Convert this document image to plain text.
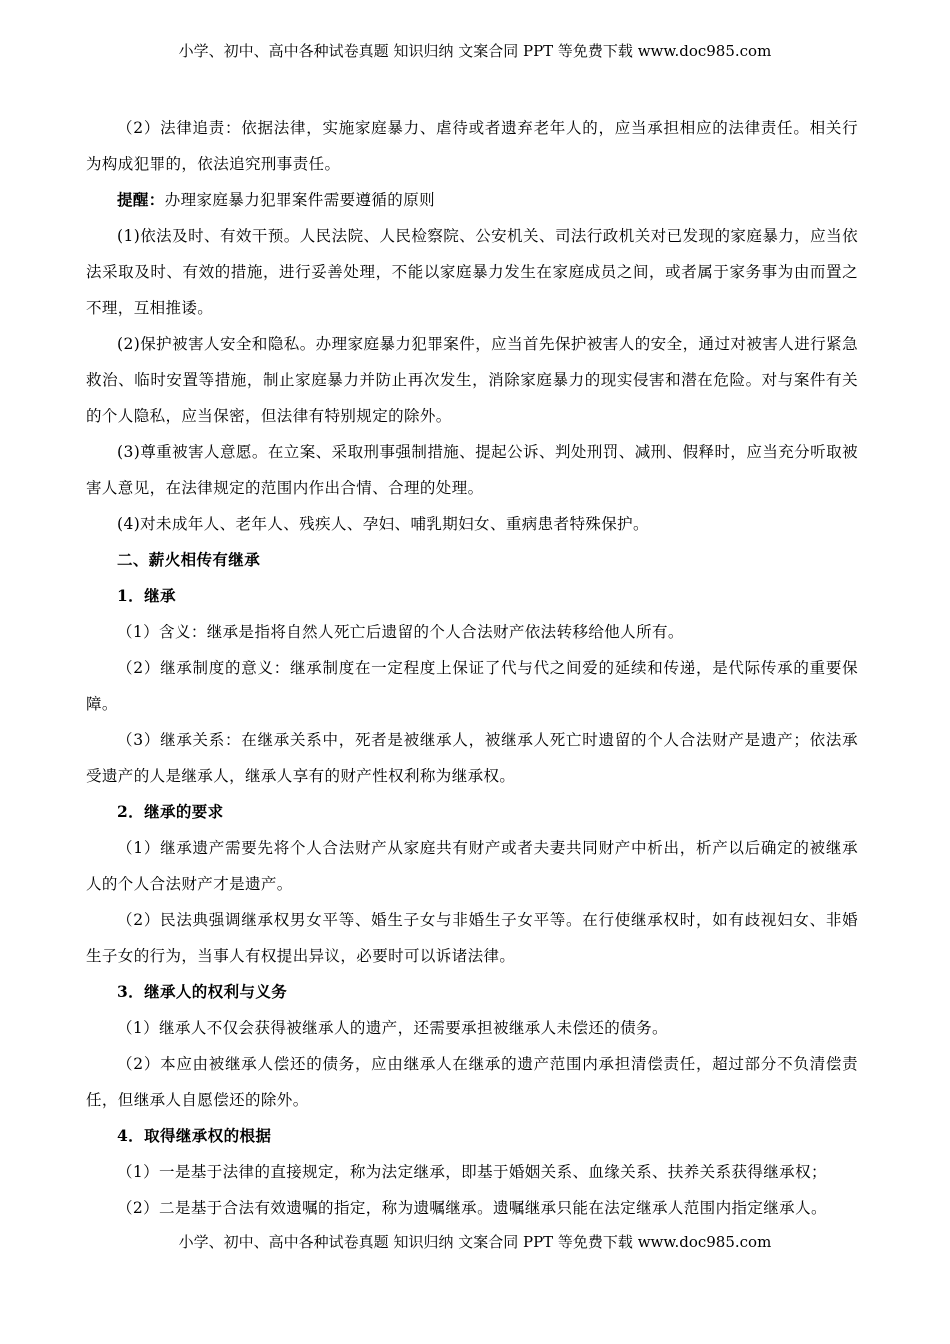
小学、初中、高中各种试卷真题 知识归纳 文案合同 PPT 等免费下载 www.doc985.com

（2）法律追责：依据法律，实施家庭暴力、虐待或者遗弃老年人的，应当承担相应的法律责任。相关行为构成犯罪的，依法追究刑事责任。

提醒：办理家庭暴力犯罪案件需要遵循的原则

(1)依法及时、有效干预。人民法院、人民检察院、公安机关、司法行政机关对已发现的家庭暴力，应当依法采取及时、有效的措施，进行妥善处理，不能以家庭暴力发生在家庭成员之间，或者属于家务事为由而置之不理，互相推诿。

(2)保护被害人安全和隐私。办理家庭暴力犯罪案件，应当首先保护被害人的安全，通过对被害人进行紧急救治、临时安置等措施，制止家庭暴力并防止再次发生，消除家庭暴力的现实侵害和潜在危险。对与案件有关的个人隐私，应当保密，但法律有特别规定的除外。

(3)尊重被害人意愿。在立案、采取刑事强制措施、提起公诉、判处刑罚、减刑、假释时，应当充分听取被害人意见，在法律规定的范围内作出合情、合理的处理。

(4)对未成年人、老年人、残疾人、孕妇、哺乳期妇女、重病患者特殊保护。

二、薪火相传有继承

1．继承

（1）含义：继承是指将自然人死亡后遗留的个人合法财产依法转移给他人所有。

（2）继承制度的意义：继承制度在一定程度上保证了代与代之间爱的延续和传递，是代际传承的重要保障。

（3）继承关系：在继承关系中，死者是被继承人，被继承人死亡时遗留的个人合法财产是遗产；依法承受遗产的人是继承人，继承人享有的财产性权利称为继承权。

2．继承的要求

（1）继承遗产需要先将个人合法财产从家庭共有财产或者夫妻共同财产中析出，析产以后确定的被继承人的个人合法财产才是遗产。

（2）民法典强调继承权男女平等、婚生子女与非婚生子女平等。在行使继承权时，如有歧视妇女、非婚生子女的行为，当事人有权提出异议，必要时可以诉诸法律。

3．继承人的权利与义务

（1）继承人不仅会获得被继承人的遗产，还需要承担被继承人未偿还的债务。

（2）本应由被继承人偿还的债务，应由继承人在继承的遗产范围内承担清偿责任，超过部分不负清偿责任，但继承人自愿偿还的除外。

4．取得继承权的根据

（1）一是基于法律的直接规定，称为法定继承，即基于婚姻关系、血缘关系、扶养关系获得继承权；

（2）二是基于合法有效遗嘱的指定，称为遗嘱继承。遗嘱继承只能在法定继承人范围内指定继承人。

小学、初中、高中各种试卷真题 知识归纳 文案合同 PPT 等免费下载 www.doc985.com
